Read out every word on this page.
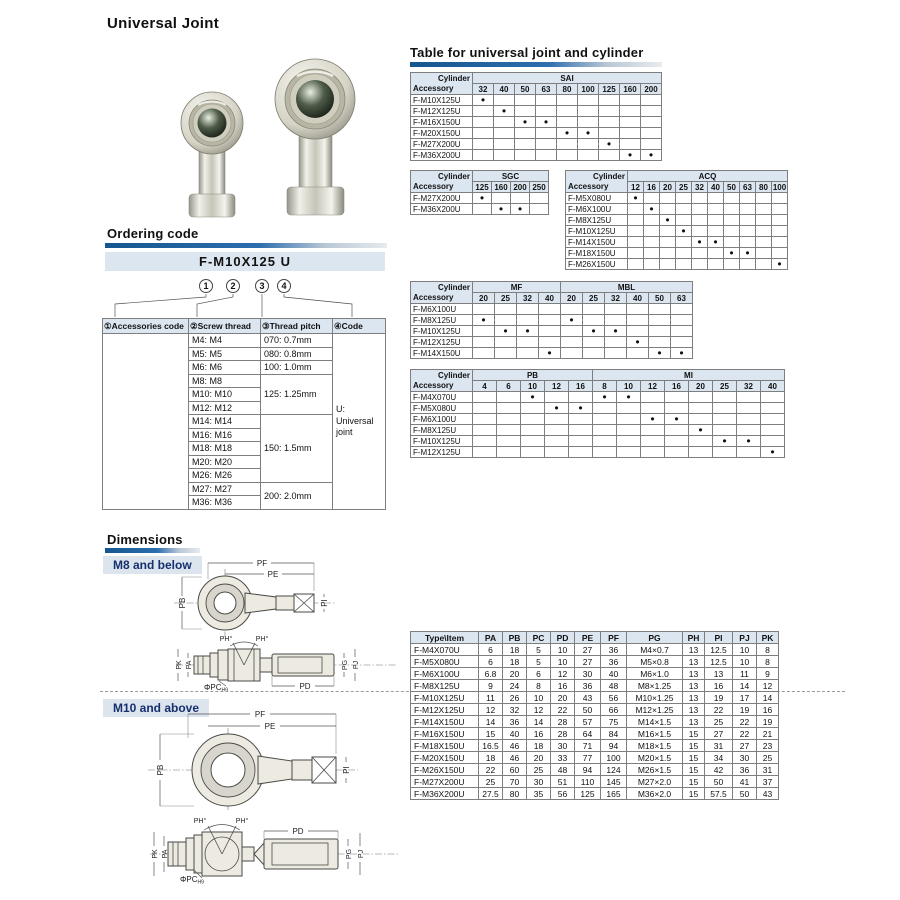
Universal Joint
Table for universal joint and cylinder
Cylinder
Accessory	SAI								
	32	40	50	63	80	100	125	160	200
F-M10X125U	●								
F-M12X125U		●							
F-M16X150U			●	●					
F-M20X150U					●	●			
F-M27X200U							●		
F-M36X200U								●	●
Cylinder
Accessory	SGC			
	125	160	200	250
F-M27X200U	●			
F-M36X200U		●	●	
Cylinder
Accessory	ACQ									
	12	16	20	25	32	40	50	63	80	100
F-M5X080U	●									
F-M6X100U		●								
F-M8X125U			●							
F-M10X125U				●						
F-M14X150U					●	●				
F-M18X150U							●	●		
F-M26X150U										●
Cylinder
Accessory	MF				MBL					
	20	25	32	40	20	25	32	40	50	63
F-M6X100U										
F-M8X125U	●				●					
F-M10X125U		●	●			●	●			
F-M12X125U								●		
F-M14X150U				●					●	●
Cylinder
Accessory	PB					MI							
	4	6	10	12	16	8	10	12	16	20	25	32	40
F-M4X070U			●			●	●						
F-M5X080U				●	●								
F-M6X100U								●	●				
F-M8X125U										●			
F-M10X125U											●	●	
F-M12X125U													●
Ordering code
F-M10X125 U
1	2	3	4
①Accessories code	②Screw thread	③Thread pitch	④Code
	M4: M4	070: 0.7mm	U: Universal joint
	M5: M5	080: 0.8mm	
	M6: M6	100: 1.0mm	
	M8: M8	125: 1.25mm	
	M10: M10		
	M12: M12		
	M14: M14	150: 1.5mm	
	M16: M16		
	M18: M18		
	M20: M20		
	M26: M26		
	M27: M27	200: 2.0mm	
	M36: M36		
Dimensions
M8 and below	PF
PE
PB	PI
PH°	PH°
PD
PK PA	PG PJ
ΦPCH9
M10 and above	PF
PE
PB	PI
PH°	PH°
PD
PG PJ
PK PA
ΦPCH9
Type\Item	PA	PB	PC	PD	PE	PF	PG	PH	PI	PJ	PK
F-M4X070U	6	18	5	10	27	36	M4×0.7	13	12.5	10	8
F-M5X080U	6	18	5	10	27	36	M5×0.8	13	12.5	10	8
F-M6X100U	6.8	20	6	12	30	40	M6×1.0	13	13	11	9
F-M8X125U	9	24	8	16	36	48	M8×1.25	13	16	14	12
F-M10X125U	11	26	10	20	43	56	M10×1.25	13	19	17	14
F-M12X125U	12	32	12	22	50	66	M12×1.25	13	22	19	16
F-M14X150U	14	36	14	28	57	75	M14×1.5	13	25	22	19
F-M16X150U	15	40	16	28	64	84	M16×1.5	15	27	22	21
F-M18X150U	16.5	46	18	30	71	94	M18×1.5	15	31	27	23
F-M20X150U	18	46	20	33	77	100	M20×1.5	15	34	30	25
F-M26X150U	22	60	25	48	94	124	M26×1.5	15	42	36	31
F-M27X200U	25	70	30	51	110	145	M27×2.0	15	50	41	37
F-M36X200U	27.5	80	35	56	125	165	M36×2.0	15	57.5	50	43
